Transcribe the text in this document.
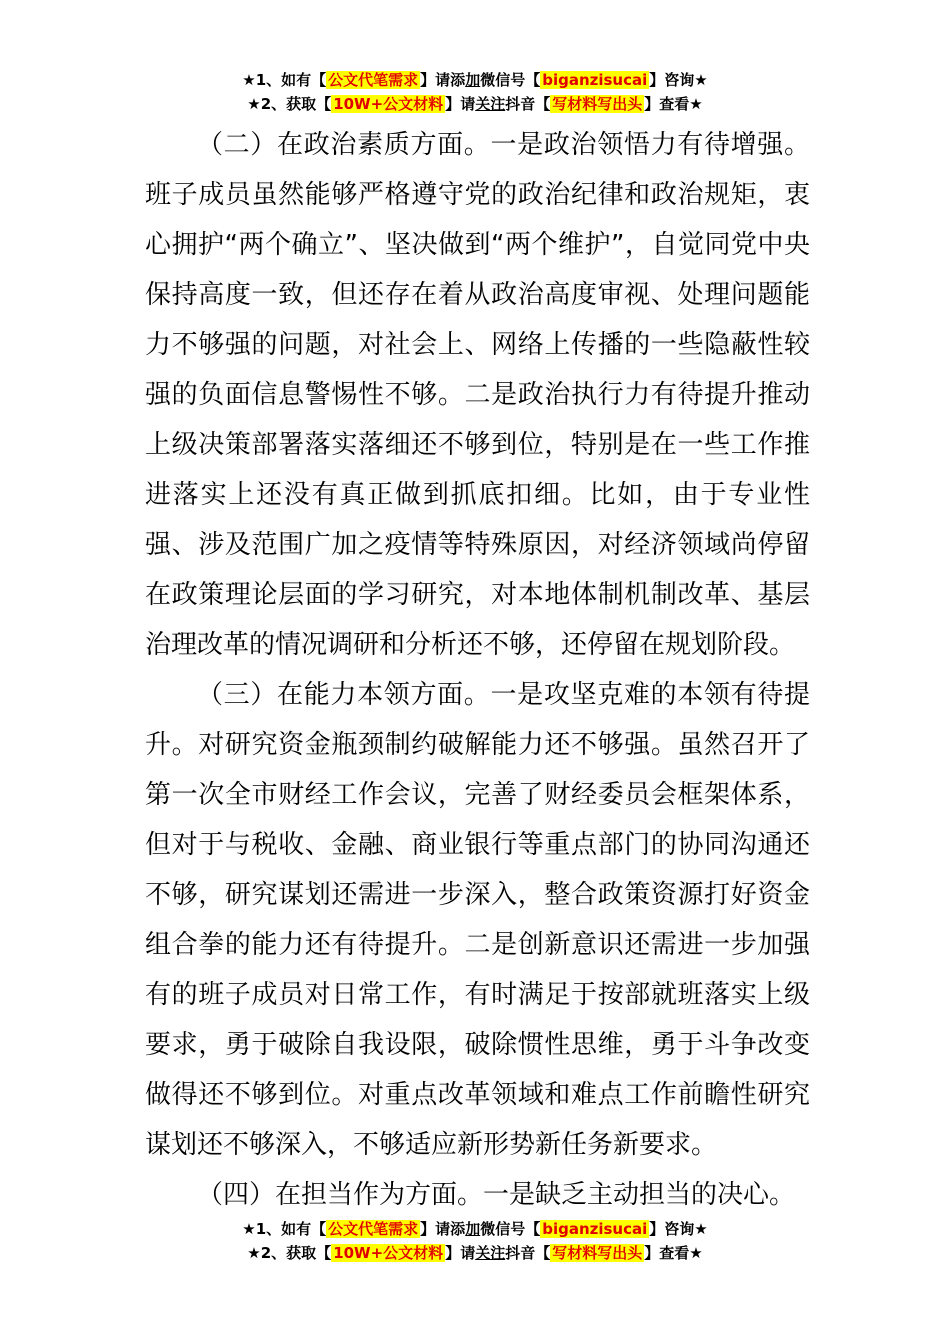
★1、如有【 公文代笔需求 】请添加微信号【 biganzisucai 】咨询★
★2、获取【 10W+公文材料 】请关注抖音【 写材料写出头 】查看★

（二）在政治素质方面。一是政治领悟力有待增强。班子成员虽然能够严格遵守党的政治纪律和政治规矩，衷心拥护“两个确立”、坚决做到“两个维护”，自觉同党中央保持高度一致，但还存在着从政治高度审视、处理问题能力不够强的问题，对社会上、网络上传播的一些隐蔽性较强的负面信息警惕性不够。二是政治执行力有待提升推动上级决策部署落实落细还不够到位，特别是在一些工作推进落实上还没有真正做到抓底扣细。比如，由于专业性强、涉及范围广加之疫情等特殊原因，对经济领域尚停留在政策理论层面的学习研究，对本地体制机制改革、基层治理改革的情况调研和分析还不够，还停留在规划阶段。

（三）在能力本领方面。一是攻坚克难的本领有待提升。对研究资金瓶颈制约破解能力还不够强。虽然召开了第一次全市财经工作会议，完善了财经委员会框架体系，但对于与税收、金融、商业银行等重点部门的协同沟通还不够，研究谋划还需进一步深入，整合政策资源打好资金组合拳的能力还有待提升。二是创新意识还需进一步加强有的班子成员对日常工作，有时满足于按部就班落实上级要求，勇于破除自我设限，破除惯性思维，勇于斗争改变做得还不够到位。对重点改革领域和难点工作前瞻性研究谋划还不够深入，不够适应新形势新任务新要求。

（四）在担当作为方面。一是缺乏主动担当的决心。

★1、如有【 公文代笔需求 】请添加微信号【 biganzisucai 】咨询★
★2、获取【 10W+公文材料 】请关注抖音【 写材料写出头 】查看★
